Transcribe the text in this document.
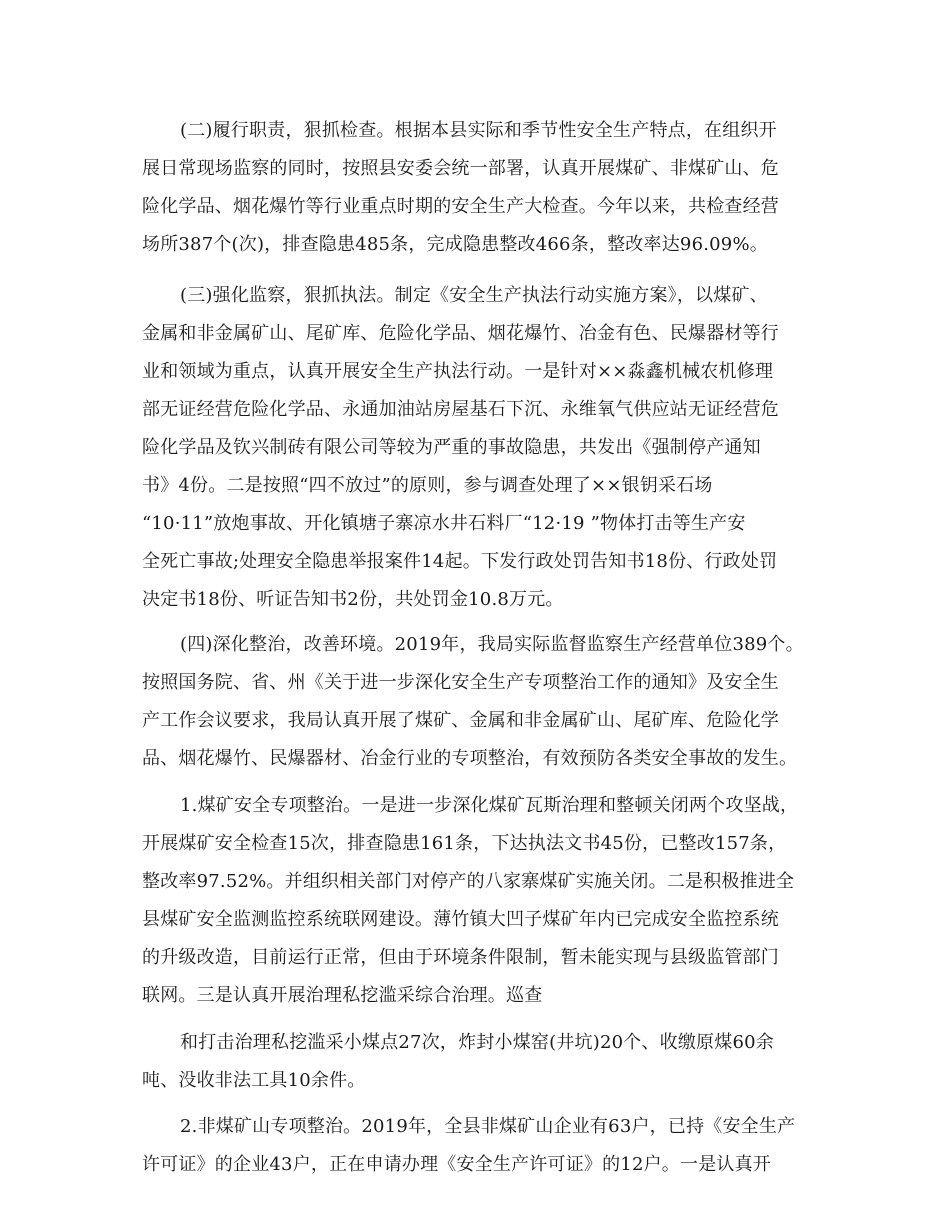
(二)履行职责，狠抓检查。根据本县实际和季节性安全生产特点，在组织开
展日常现场监察的同时，按照县安委会统一部署，认真开展煤矿、非煤矿山、危
险化学品、烟花爆竹等行业重点时期的安全生产大检查。今年以来，共检查经营
场所387个(次)，排查隐患485条，完成隐患整改466条，整改率达96.09%。
(三)强化监察，狠抓执法。制定《安全生产执法行动实施方案》，以煤矿、
金属和非金属矿山、尾矿库、危险化学品、烟花爆竹、冶金有色、民爆器材等行
业和领域为重点，认真开展安全生产执法行动。一是针对××淼鑫机械农机修理
部无证经营危险化学品、永通加油站房屋基石下沉、永维氧气供应站无证经营危
险化学品及钦兴制砖有限公司等较为严重的事故隐患，共发出《强制停产通知
书》4份。二是按照“四不放过”的原则，参与调查处理了××银钥采石场
“10·11”放炮事故、开化镇塘子寨凉水井石料厂“12·19 ”物体打击等生产安
全死亡事故;处理安全隐患举报案件14起。下发行政处罚告知书18份、行政处罚
决定书18份、听证告知书2份，共处罚金10.8万元。
(四)深化整治，改善环境。2019年，我局实际监督监察生产经营单位389个。
按照国务院、省、州《关于进一步深化安全生产专项整治工作的通知》及安全生
产工作会议要求，我局认真开展了煤矿、金属和非金属矿山、尾矿库、危险化学
品、烟花爆竹、民爆器材、冶金行业的专项整治，有效预防各类安全事故的发生。
1.煤矿安全专项整治。一是进一步深化煤矿瓦斯治理和整顿关闭两个攻坚战，
开展煤矿安全检查15次，排查隐患161条，下达执法文书45份，已整改157条，
整改率97.52%。并组织相关部门对停产的八家寨煤矿实施关闭。二是积极推进全
县煤矿安全监测监控系统联网建设。薄竹镇大凹子煤矿年内已完成安全监控系统
的升级改造，目前运行正常，但由于环境条件限制，暂未能实现与县级监管部门
联网。三是认真开展治理私挖滥采综合治理。巡查
和打击治理私挖滥采小煤点27次，炸封小煤窑(井坑)20个、收缴原煤60余
吨、没收非法工具10余件。
2.非煤矿山专项整治。2019年，全县非煤矿山企业有63户，已持《安全生产
许可证》的企业43户，正在申请办理《安全生产许可证》的12户。一是认真开
